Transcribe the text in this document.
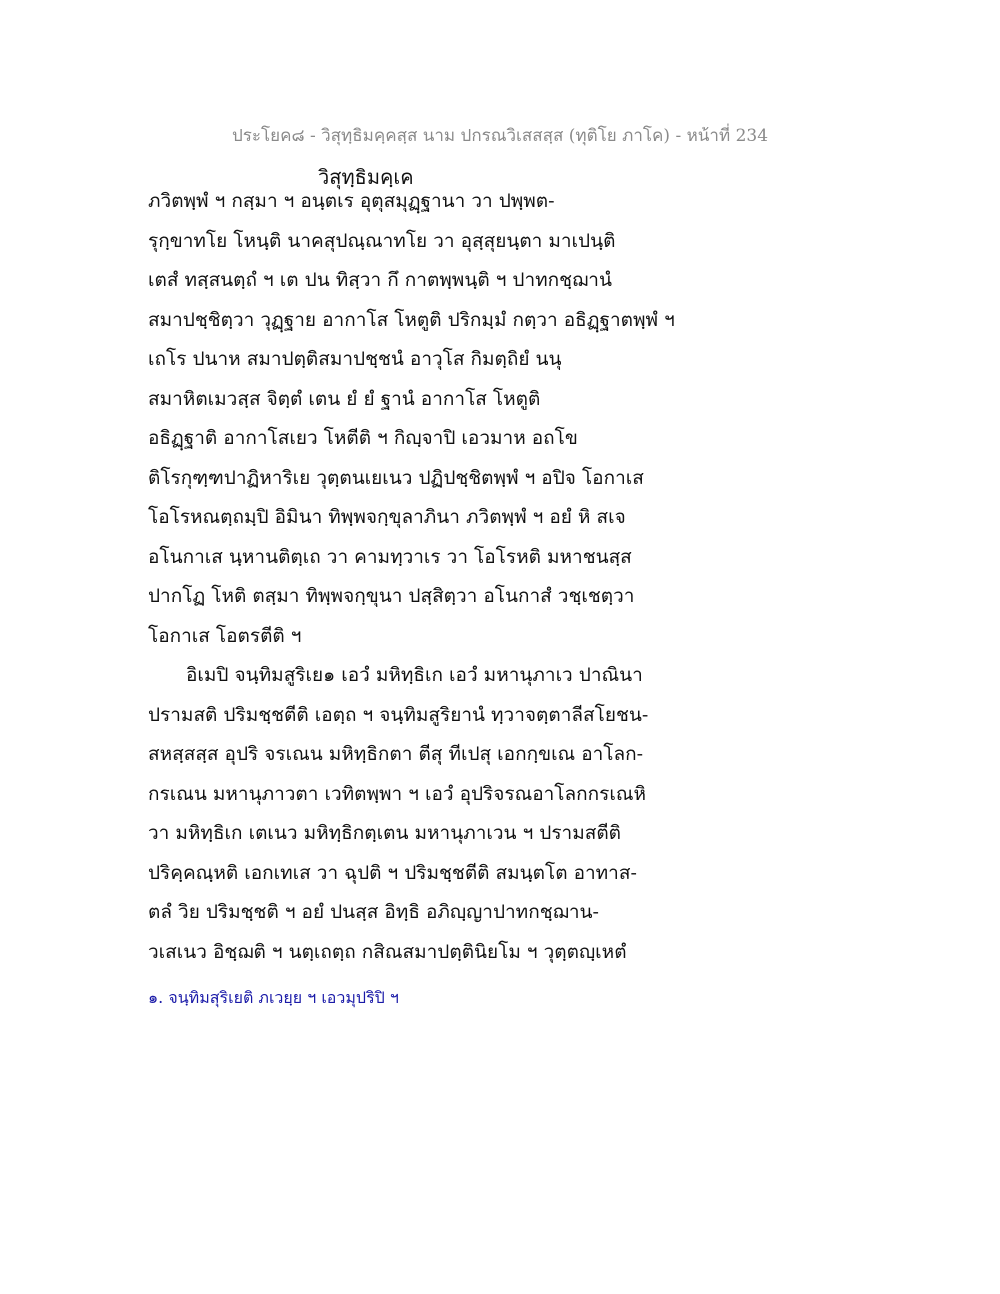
ประโยค๘ - วิสุทฺธิมคฺคสฺส นาม ปกรณวิเสสสฺส (ทุติโย ภาโค) - หน้าที่ 234
วิสุทฺธิมคฺเค
ภวิตพฺพํ ฯ กสฺมา ฯ อนฺตเร อุตุสมุฏฺฐานา วา ปพฺพต-
รุกฺขาทโย โหนฺติ นาคสุปณฺณาทโย วา อุสฺสุยนฺตา มาเปนฺติ
เตสํ ทสฺสนตฺถํ ฯ เต ปน ทิสฺวา กึ กาตพฺพนฺติ ฯ ปาทกชฺฌานํ
สมาปชฺชิตฺวา วุฏฺฐาย อากาโส โหตูติ ปริกมฺมํ กตฺวา อธิฏฺฐาตพฺพํ ฯ
เถโร ปนาห สมาปตฺติสมาปชฺชนํ อาวุโส กิมตฺถิยํ นนุ
สมาหิตเมวสฺส จิตฺตํ เตน ยํ ยํ ฐานํ อากาโส โหตูติ
อธิฏฺฐาติ อากาโสเยว โหตีติ ฯ กิญฺจาปิ เอวมาห อถโข
ติโรกุฑฺฑปาฏิหาริเย วุตฺตนเยเนว ปฏิปชฺชิตพฺพํ ฯ อปิจ โอกาเส
โอโรหณตฺถมฺปิ อิมินา ทิพฺพจกฺขุลาภินา ภวิตพฺพํ ฯ อยํ หิ สเจ
อโนกาเส นฺหานติตฺเถ วา คามทฺวาเร วา โอโรหติ มหาชนสฺส
ปากโฏ โหติ ตสฺมา ทิพฺพจกฺขุนา ปสฺสิตฺวา อโนกาสํ วชฺเชตฺวา
โอกาเส โอตรตีติ ฯ
อิเมปิ จนฺทิมสูริเย๑ เอวํ มหิทฺธิเก เอวํ มหานุภาเว ปาณินา
ปรามสติ ปริมชฺชตีติ เอตฺถ ฯ จนฺทิมสูริยานํ ทฺวาจตฺตาลีสโยชน-
สหสฺสสฺส อุปริ จรเณน มหิทฺธิกตา ตีสุ ทีเปสุ เอกกฺขเณ อาโลก-
กรเณน มหานุภาวตา เวทิตพฺพา ฯ เอวํ อุปริจรณอาโลกกรเณหิ
วา มหิทฺธิเก เตเนว มหิทฺธิกตฺเตน มหานุภาเวน ฯ ปรามสตีติ
ปริคฺคณฺหติ เอกเทเส วา ฉุปติ ฯ ปริมชฺชตีติ สมนฺตโต อาทาส-
ตลํ วิย ปริมชฺชติ ฯ อยํ ปนสฺส อิทฺธิ อภิญฺญาปาทกชฺฌาน-
วเสเนว อิชฺฌติ ฯ นตฺเถตฺถ กสิณสมาปตฺตินิยโม ฯ วุตฺตญฺเหตํ
๑. จนฺทิมสุริเยติ ภเวยฺย ฯ เอวมุปริปิ ฯ
